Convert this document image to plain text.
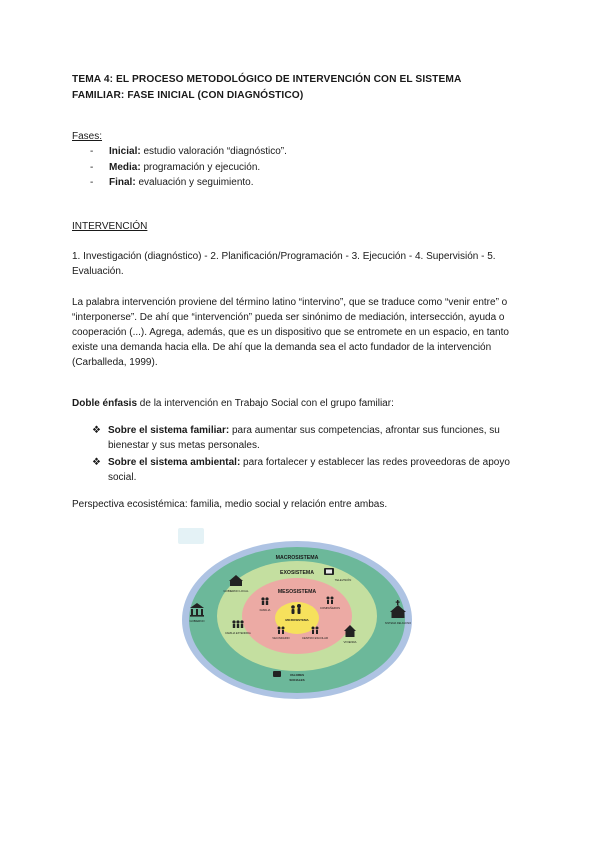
TEMA 4: EL PROCESO METODOLÓGICO DE INTERVENCIÓN CON EL SISTEMA
FAMILIAR: FASE INICIAL (CON DIAGNÓSTICO)
Fases:
-	Inicial: estudio valoración “diagnóstico”.
-	Media: programación y ejecución.
-	Final: evaluación y seguimiento.
INTERVENCIÓN
1. Investigación (diagnóstico) - 2. Planificación/Programación - 3. Ejecución - 4. Supervisión - 5. Evaluación.
La palabra intervención proviene del término latino “intervino”, que se traduce como “venir entre” o “interponerse”. De ahí que “intervención” pueda ser sinónimo de mediación, intersección, ayuda o cooperación (...). Agrega, además, que es un dispositivo que se entromete en un espacio, en tanto existe una demanda hacia ella. De ahí que la demanda sea el acto fundador de la intervención (Carballeda, 1999).
Doble énfasis de la intervención en Trabajo Social con el grupo familiar:
❖ Sobre el sistema familiar: para aumentar sus competencias, afrontar sus funciones, su bienestar y sus metas personales.
❖ Sobre el sistema ambiental: para fortalecer y establecer las redes proveedoras de apoyo social.
Perspectiva ecosistémica: familia, medio social y relación entre ambas.
MACROSISTEMA
EXOSISTEMA
MESOSISTEMA
MICROSISTEMA
FAMILIA	COMPAÑEROS
VECINDARIO	CENTRO ESCOLAR
GOBIERNO LOCAL
TELEVISIÓN
FAMILIA EXTENDIDA
VIVIENDA
GOBIERNO
SISTEMA RELIGIOSO
VALORES
SOCIALES
